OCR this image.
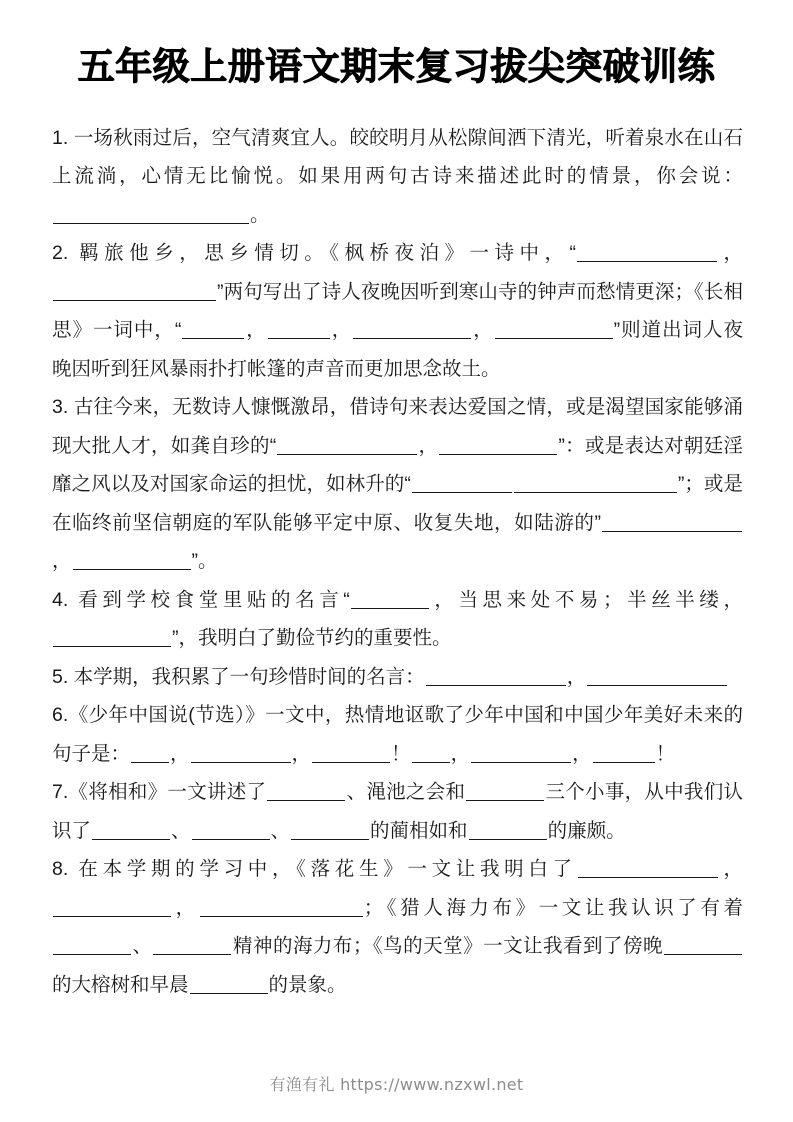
五年级上册语文期末复习拔尖突破训练

1. 一场秋雨过后，空气清爽宜人。皎皎明月从松隙间洒下清光，听着泉水在山石上流淌，心情无比愉悦。如果用两句古诗来描述此时的情景，你会说：。

2. 羁旅他乡，思乡情切。《枫桥夜泊》一诗中，“	，”两句写出了诗人夜晚因听到寒山寺的钟声而愁情更深；《长相思》一词中，“	，	，	，	”则道出词人夜晚因听到狂风暴雨扑打帐篷的声音而更加思念故土。

3. 古往今来，无数诗人慷慨激昂，借诗句来表达爱国之情，或是渴望国家能够涌现大批人才，如龚自珍的“	，	”：或是表达对朝廷淫靡之风以及对国家命运的担忧，如林升的“	”；或是在临终前坚信朝庭的军队能够平定中原、收复失地，如陆游的”，	”。

4. 看到学校食堂里贴的名言“	，当思来处不易；半丝半缕，”，我明白了勤俭节约的重要性。

5. 本学期，我积累了一句珍惜时间的名言：	，

6.《少年中国说(节选）》一文中，热情地讴歌了少年中国和中国少年美好未来的句子是： ，	，	！ ，	，	！

7.《将相和》一文讲述了	、渑池之会和	三个小事，从中我们认识了	、	、	的蔺相如和	的廉颇。

8. 在本学期的学习中，《落花生》一文让我明白了	，，	；《猎人海力布》一文让我认识了有着、	精神的海力布；《鸟的天堂》一文让我看到了傍晚的大榕树和早晨	的景象。

有渔有礼 https://www.nzxwl.net
